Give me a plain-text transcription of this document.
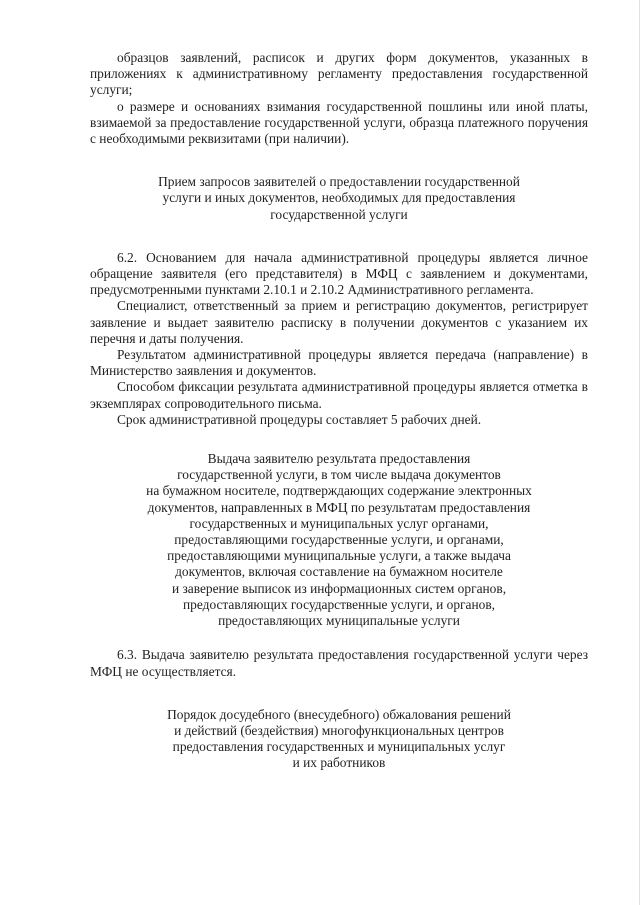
образцов заявлений, расписок и других форм документов, указанных в приложениях к административному регламенту предоставления государственной услуги;

о размере и основаниях взимания государственной пошлины или иной платы, взимаемой за предоставление государственной услуги, образца платежного поручения с необходимыми реквизитами (при наличии).

Прием запросов заявителей о предоставлении государственной
услуги и иных документов, необходимых для предоставления
государственной услуги

6.2. Основанием для начала административной процедуры является личное обращение заявителя (его представителя) в МФЦ с заявлением и документами, предусмотренными пунктами 2.10.1 и 2.10.2 Административного регламента.

Специалист, ответственный за прием и регистрацию документов, регистрирует заявление и выдает заявителю расписку в получении документов с указанием их перечня и даты получения.

Результатом административной процедуры является передача (направление) в Министерство заявления и документов.

Способом фиксации результата административной процедуры является отметка в экземплярах сопроводительного письма.

Срок административной процедуры составляет 5 рабочих дней.

Выдача заявителю результата предоставления
государственной услуги, в том числе выдача документов
на бумажном носителе, подтверждающих содержание электронных
документов, направленных в МФЦ по результатам предоставления
государственных и муниципальных услуг органами,
предоставляющими государственные услуги, и органами,
предоставляющими муниципальные услуги, а также выдача
документов, включая составление на бумажном носителе
и заверение выписок из информационных систем органов,
предоставляющих государственные услуги, и органов,
предоставляющих муниципальные услуги

6.3. Выдача заявителю результата предоставления государственной услуги через МФЦ не осуществляется.

Порядок досудебного (внесудебного) обжалования решений
и действий (бездействия) многофункциональных центров
предоставления государственных и муниципальных услуг
и их работников
